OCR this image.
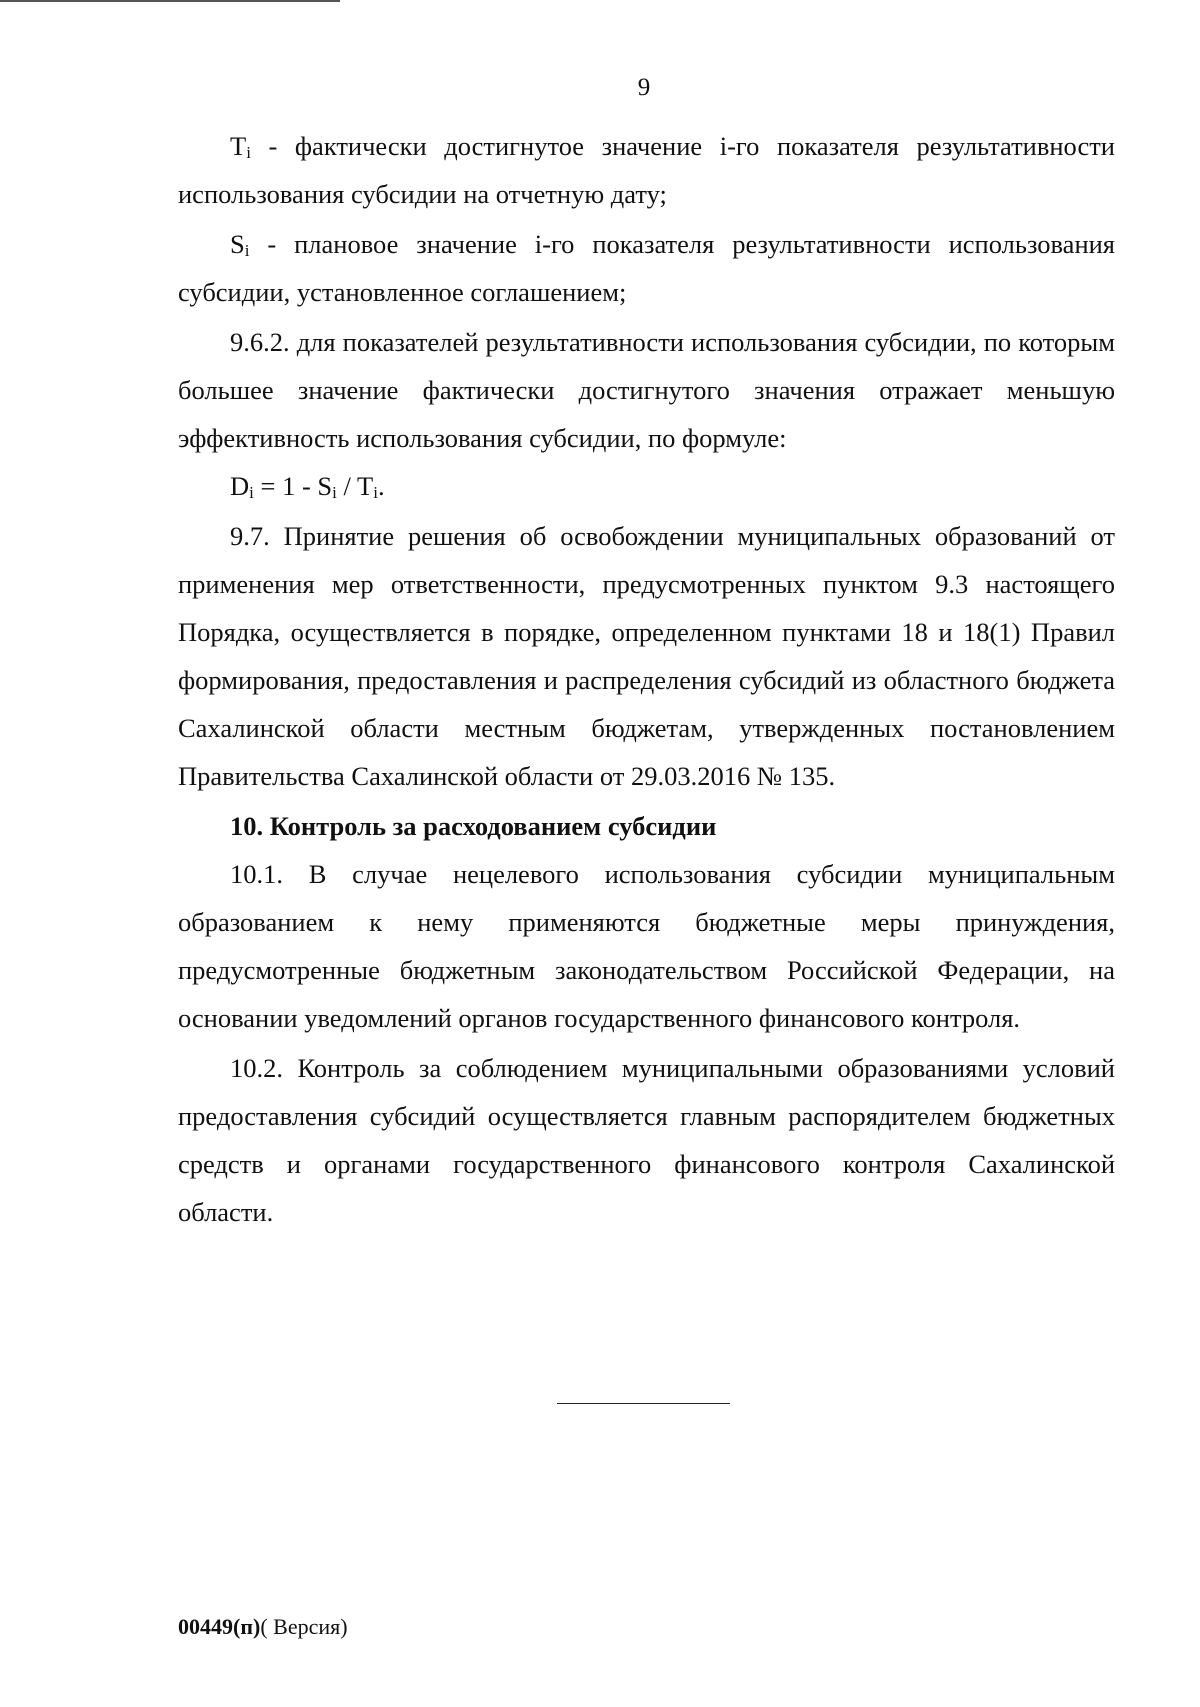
9

$T_i$ - фактически достигнутое значение i-го показателя результативности использования субсидии на отчетную дату;

$S_i$ - плановое значение i-го показателя результативности использования субсидии, установленное соглашением;

9.6.2. для показателей результативности использования субсидии, по которым большее значение фактически достигнутого значения отражает меньшую эффективность использования субсидии, по формуле:

$D_i = 1 - S_i / T_i$.

9.7. Принятие решения об освобождении муниципальных образований от применения мер ответственности, предусмотренных пунктом 9.3 настоящего Порядка, осуществляется в порядке, определенном пунктами 18 и 18(1) Правил формирования, предоставления и распределения субсидий из областного бюджета Сахалинской области местным бюджетам, утвержденных постановлением Правительства Сахалинской области от 29.03.2016 № 135.

10. Контроль за расходованием субсидии

10.1. В случае нецелевого использования субсидии муниципальным образованием к нему применяются бюджетные меры принуждения, предусмотренные бюджетным законодательством Российской Федерации, на основании уведомлений органов государственного финансового контроля.

10.2. Контроль за соблюдением муниципальными образованиями условий предоставления субсидий осуществляется главным распорядителем бюджетных средств и органами государственного финансового контроля Сахалинской области.

00449(п)( Версия)
